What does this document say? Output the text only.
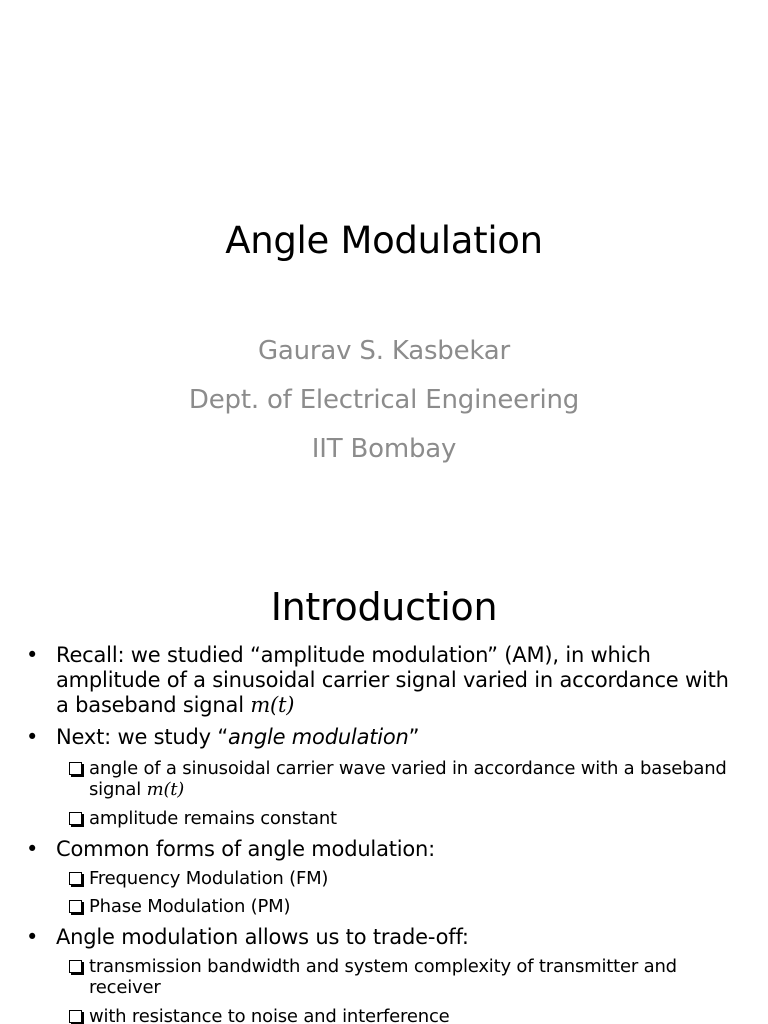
Angle Modulation
Gaurav S. Kasbekar
Dept. of Electrical Engineering
IIT Bombay
Introduction
• Recall: we studied “amplitude modulation” (AM), in which amplitude of a sinusoidal carrier signal varied in accordance with a baseband signal m(t)
• Next: we study “angle modulation”
angle of a sinusoidal carrier wave varied in accordance with a baseband signal m(t)
amplitude remains constant
• Common forms of angle modulation:
Frequency Modulation (FM)
Phase Modulation (PM)
• Angle modulation allows us to trade-off:
transmission bandwidth and system complexity of transmitter and receiver
with resistance to noise and interference
